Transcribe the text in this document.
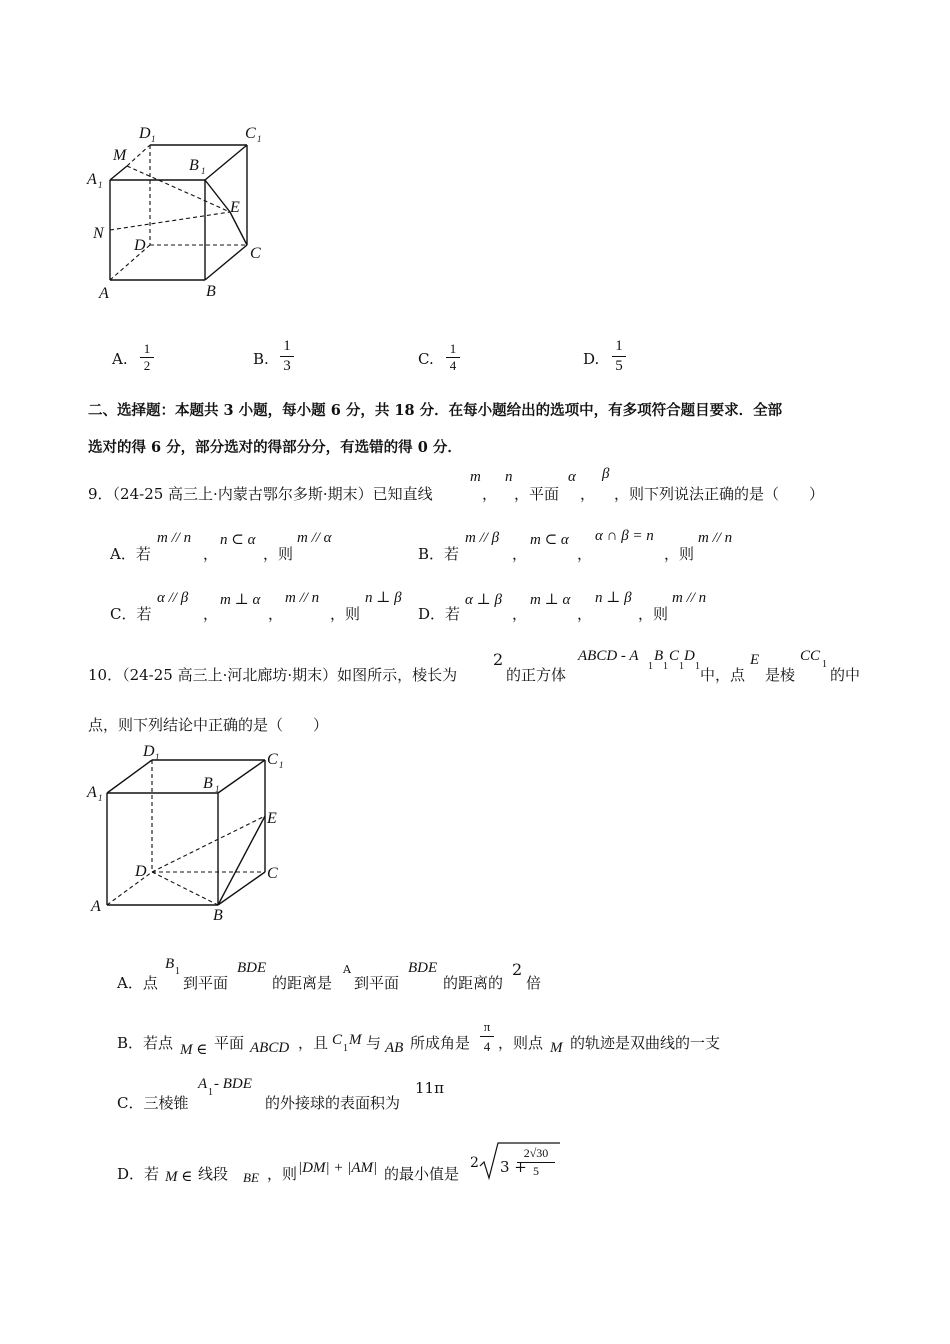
D 1	C 1
M
B 1
A 1
E
N
D	C
A	B
A. $\frac{1}{2}$	B. $\frac{1}{3}$	C. $\frac{1}{4}$	D. $\frac{1}{5}$
二、选择题：本题共 3 小题，每小题 6 分，共 18 分．在每小题给出的选项中，有多项符合题目要求．全部
选对的得 6 分，部分选对的得部分分，有选错的得 0 分．
9．（24-25 高三上·内蒙古鄂尔多斯·期末）已知直线
m
，
n
，平面
α
，
β
，则下列说法正确的是（　　）
A．若
m // n
，
n ⊂ α
，则
m // α
B．若
m // β
，
m ⊂ α
，
α ∩ β = n
，则
m // n
C．若
α // β
，
m ⊥ α
，
m // n
，则
n ⊥ β
D．若
α ⊥ β
，
m ⊥ α
，
n ⊥ β
，则
m // n
10．（24-25 高三上·河北廊坊·期末）如图所示，棱长为
2
的正方体
ABCD - A
1
B
1
C
1
D
1 中，点
E
是棱
CC
1
的中
点，则下列结论中正确的是（　　）
D 1	C 1
A 1
B 1
E
D	C
A
B
A．点
B 1
到平面
BDE
的距离是
A
到平面
BDE
的距离的
2
倍
B．若点 M ∈ 平面 ABCD ，且 C
1
M 与 AB 所成角是 $\frac{\pi}{4}$ ，则点 M 的轨迹是双曲线的一支
C．三棱锥
A
1
- BDE
的外接球的表面积为
11π
D．若 M ∈ 线段 BE ，则 |DM| + |AM| 的最小值是
2 3 +
$\frac{2√30}{5}$
